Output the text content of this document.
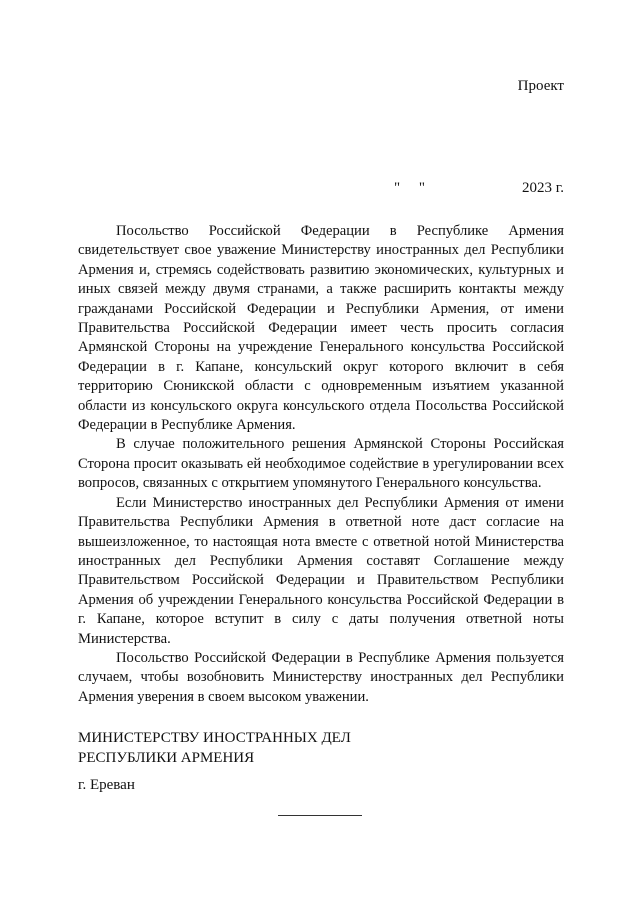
Проект
"     "	2023 г.

Посольство Российской Федерации в Республике Армения свидетельствует свое уважение Министерству иностранных дел Республики Армения и, стремясь содействовать развитию экономических, культурных и иных связей между двумя странами, а также расширить контакты между гражданами Российской Федерации и Республики Армения, от имени Правительства Российской Федерации имеет честь просить согласия Армянской Стороны на учреждение Генерального консульства Российской Федерации в г. Капане, консульский округ которого включит в себя территорию Сюникской области с одновременным изъятием указанной области из консульского округа консульского отдела Посольства Российской Федерации в Республике Армения.

В случае положительного решения Армянской Стороны Российская Сторона просит оказывать ей необходимое содействие в урегулировании всех вопросов, связанных с открытием упомянутого Генерального консульства.

Если Министерство иностранных дел Республики Армения от имени Правительства Республики Армения в ответной ноте даст согласие на вышеизложенное, то настоящая нота вместе с ответной нотой Министерства иностранных дел Республики Армения составят Соглашение между Правительством Российской Федерации и Правительством Республики Армения об учреждении Генерального консульства Российской Федерации в г. Капане, которое вступит в силу с даты получения ответной ноты Министерства.

Посольство Российской Федерации в Республике Армения пользуется случаем, чтобы возобновить Министерству иностранных дел Республики Армения уверения в своем высоком уважении.

МИНИСТЕРСТВУ ИНОСТРАННЫХ ДЕЛ
РЕСПУБЛИКИ АРМЕНИЯ
г. Ереван
